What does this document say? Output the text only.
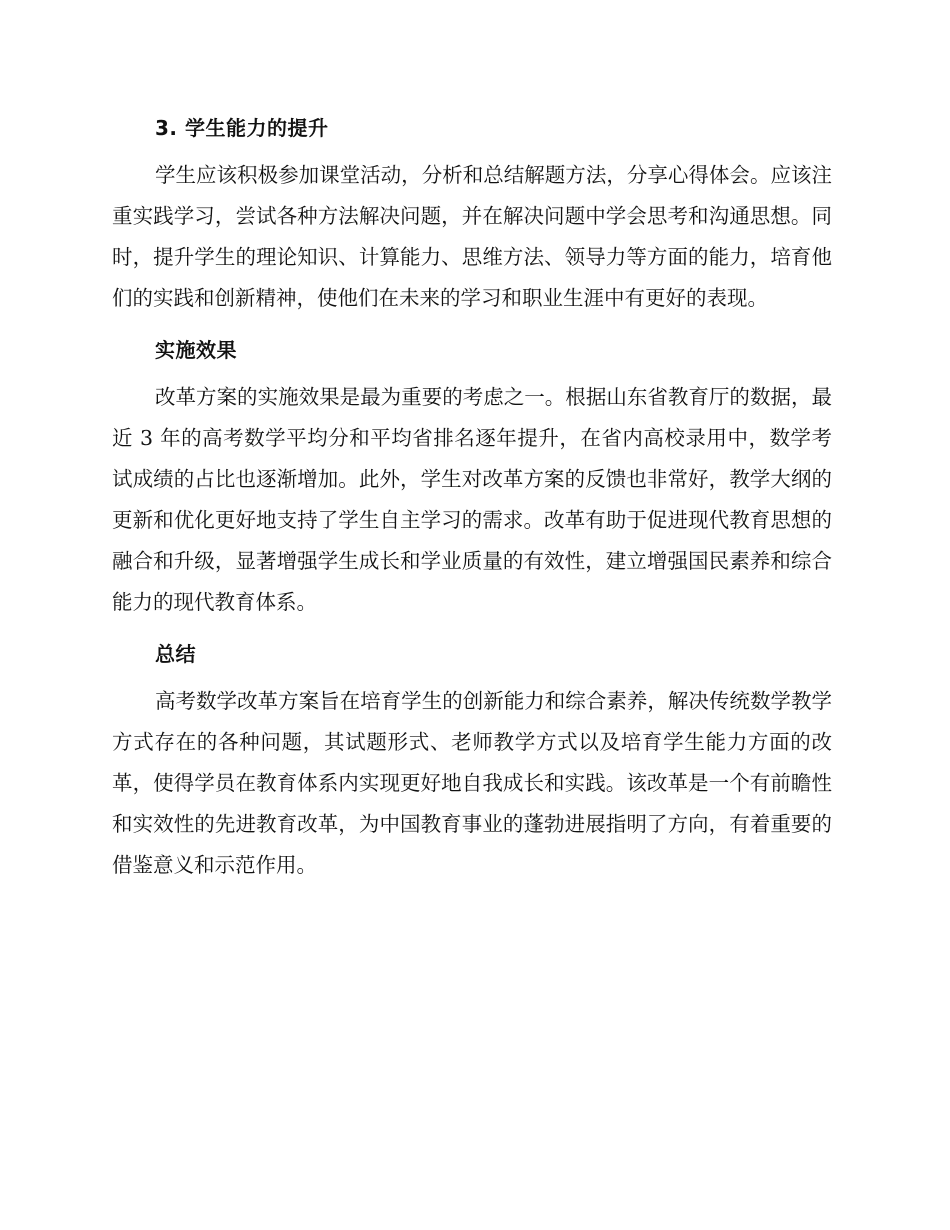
3. 学生能力的提升

学生应该积极参加课堂活动，分析和总结解题方法，分享心得体会。应该注重实践学习，尝试各种方法解决问题，并在解决问题中学会思考和沟通思想。同时，提升学生的理论知识、计算能力、思维方法、领导力等方面的能力，培育他们的实践和创新精神，使他们在未来的学习和职业生涯中有更好的表现。

实施效果

改革方案的实施效果是最为重要的考虑之一。根据山东省教育厅的数据，最近 3 年的高考数学平均分和平均省排名逐年提升，在省内高校录用中，数学考试成绩的占比也逐渐增加。此外，学生对改革方案的反馈也非常好，教学大纲的更新和优化更好地支持了学生自主学习的需求。改革有助于促进现代教育思想的融合和升级，显著增强学生成长和学业质量的有效性，建立增强国民素养和综合能力的现代教育体系。

总结

高考数学改革方案旨在培育学生的创新能力和综合素养，解决传统数学教学方式存在的各种问题，其试题形式、老师教学方式以及培育学生能力方面的改革，使得学员在教育体系内实现更好地自我成长和实践。该改革是一个有前瞻性和实效性的先进教育改革，为中国教育事业的蓬勃进展指明了方向，有着重要的借鉴意义和示范作用。
